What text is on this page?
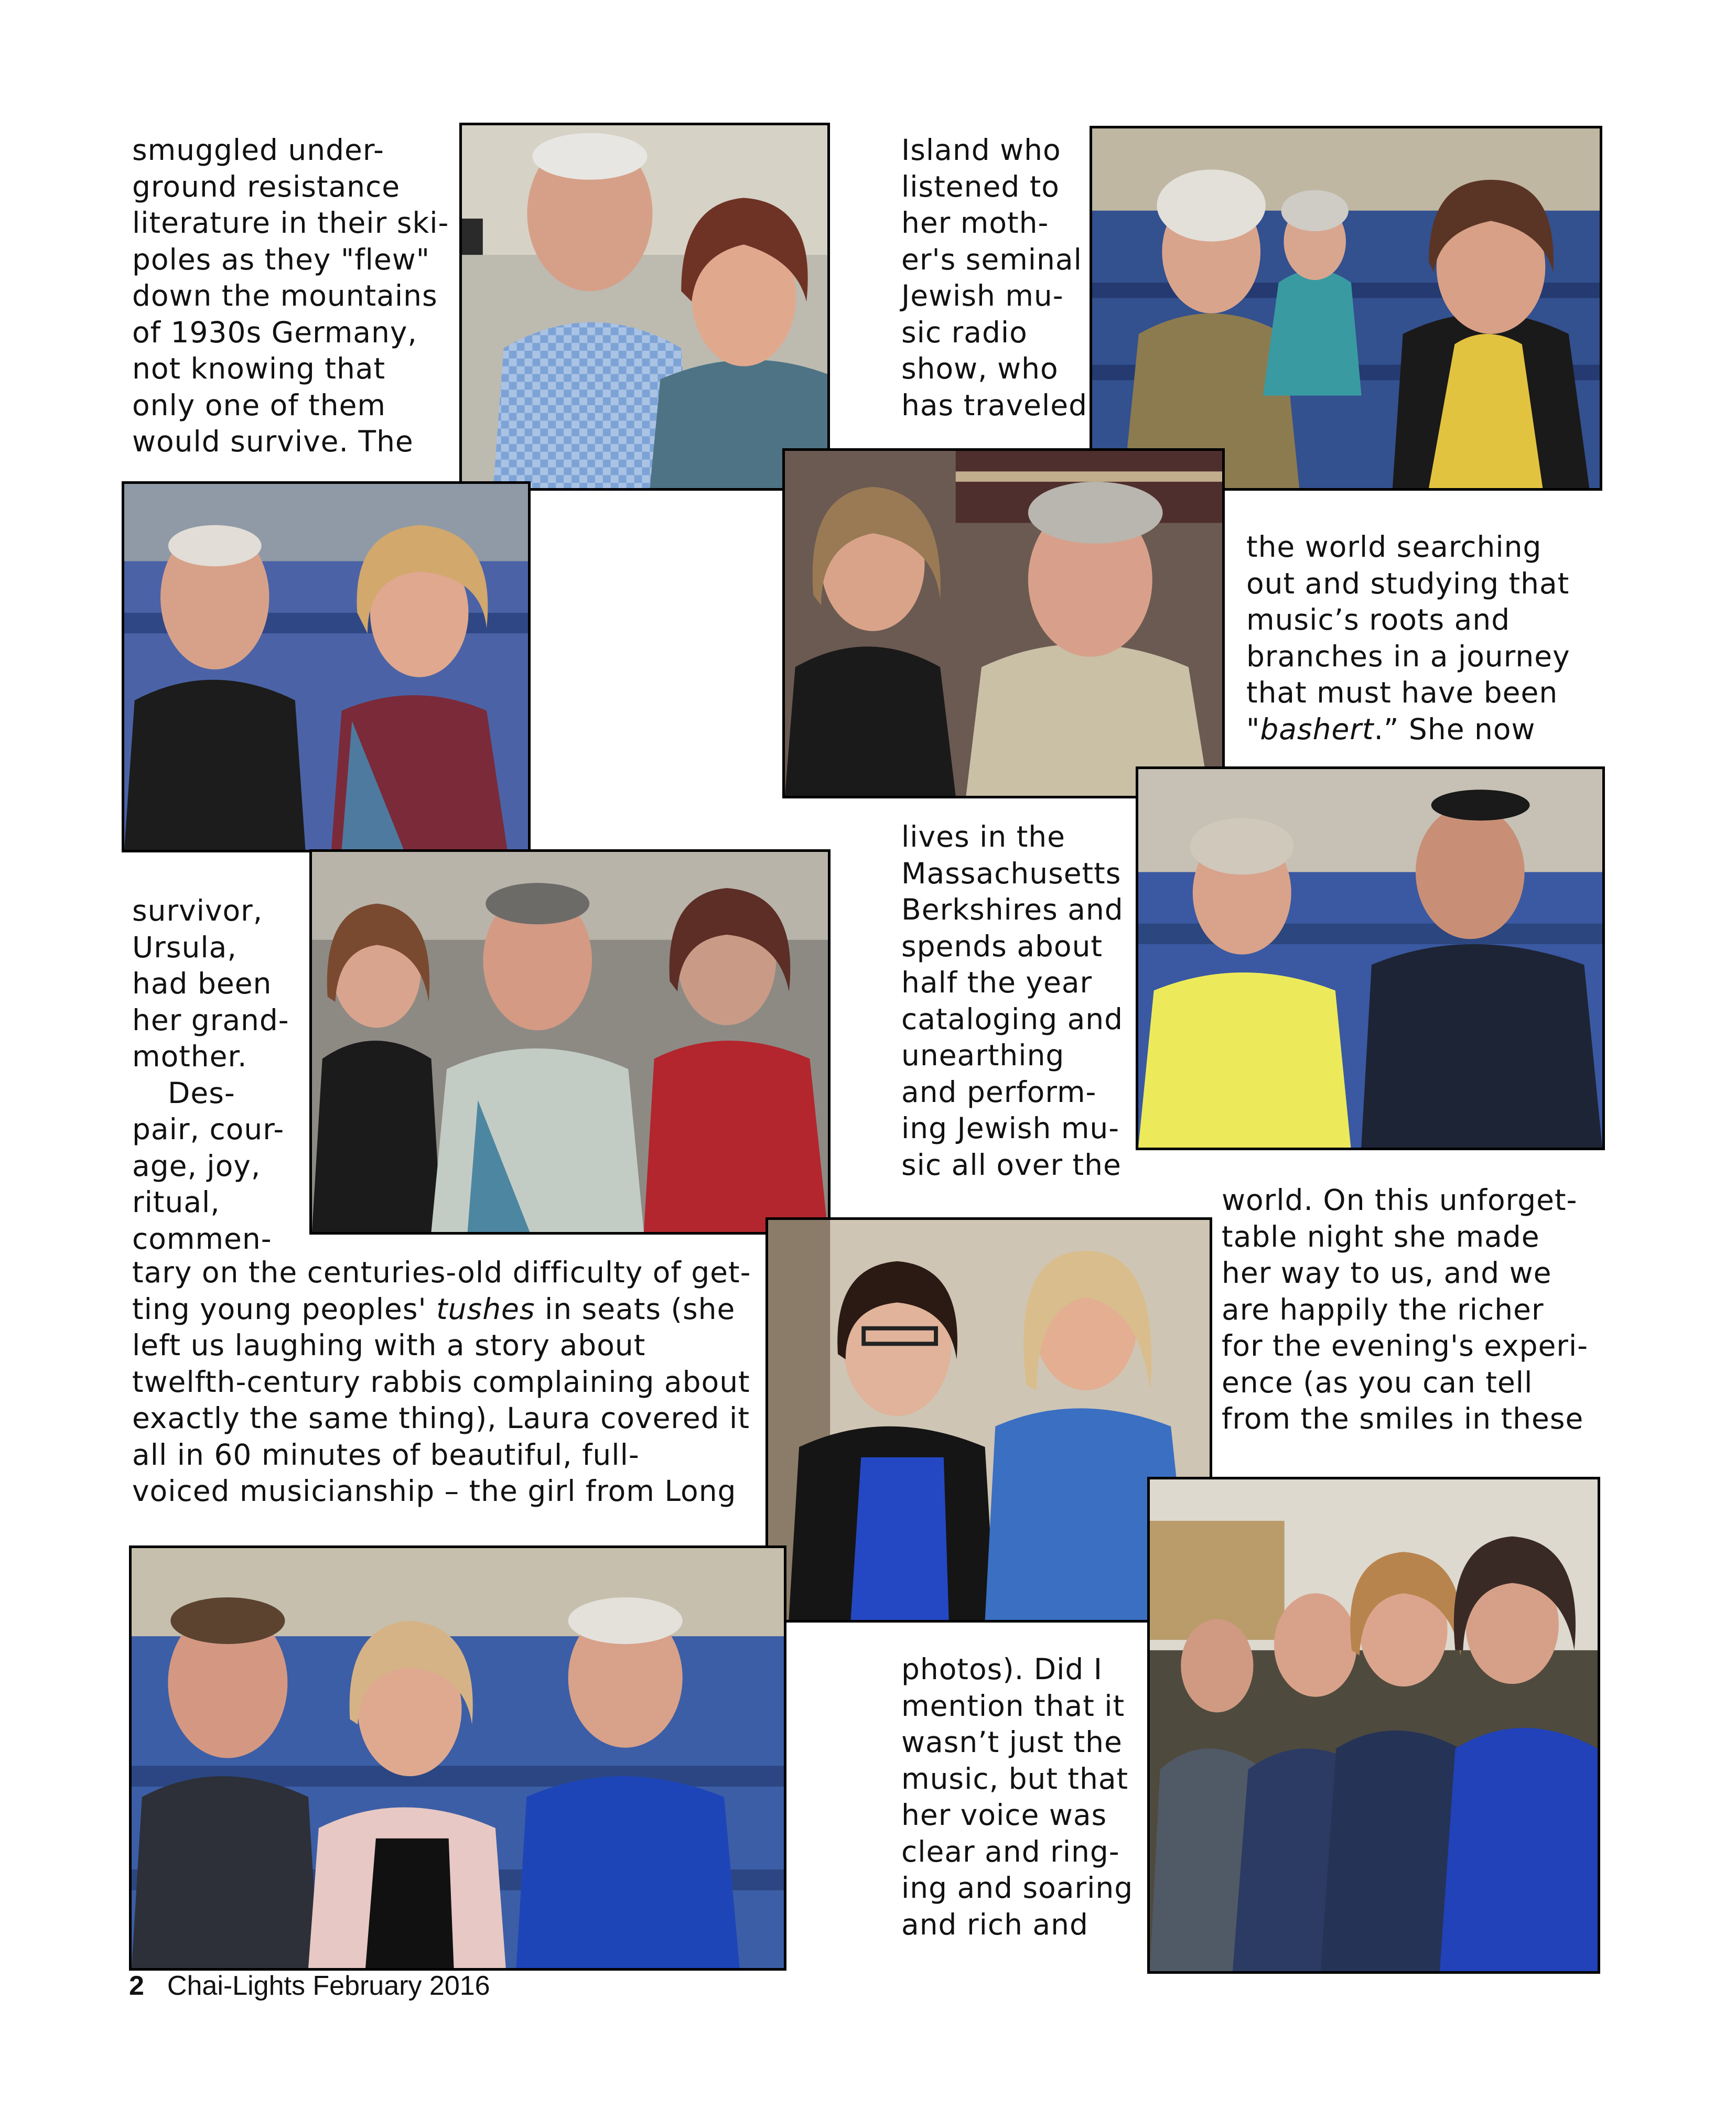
smuggled under-
ground resistance
literature in their ski-
poles as they "flew"
down the mountains
of 1930s Germany,
not knowing that
only one of them
would survive. The
Island who
listened to
her moth-
er's seminal
Jewish mu-
sic radio
show, who
has traveled
the world searching
out and studying that
music’s roots and
branches in a journey
that must have been
"bashert.” She now
lives in the
Massachusetts
Berkshires and
spends about
half the year
cataloging and
unearthing
and perform-
ing Jewish mu-
sic all over the
survivor,
Ursula,
had been
her grand-
mother.
Des-
pair, cour-
age, joy,
ritual,
commen-
tary on the centuries-old difficulty of get-
ting young peoples' tushes in seats (she
left us laughing with a story about
twelfth-century rabbis complaining about
exactly the same thing), Laura covered it
all in 60 minutes of beautiful, full-
voiced musicianship – the girl from Long
world. On this unforget-
table night she made
her way to us, and we
are happily the richer
for the evening's experi-
ence (as you can tell
from the smiles in these
photos). Did I
mention that it
wasn’t just the
music, but that
her voice was
clear and ring-
ing and soaring
and rich and
2 Chai-Lights February 2016
